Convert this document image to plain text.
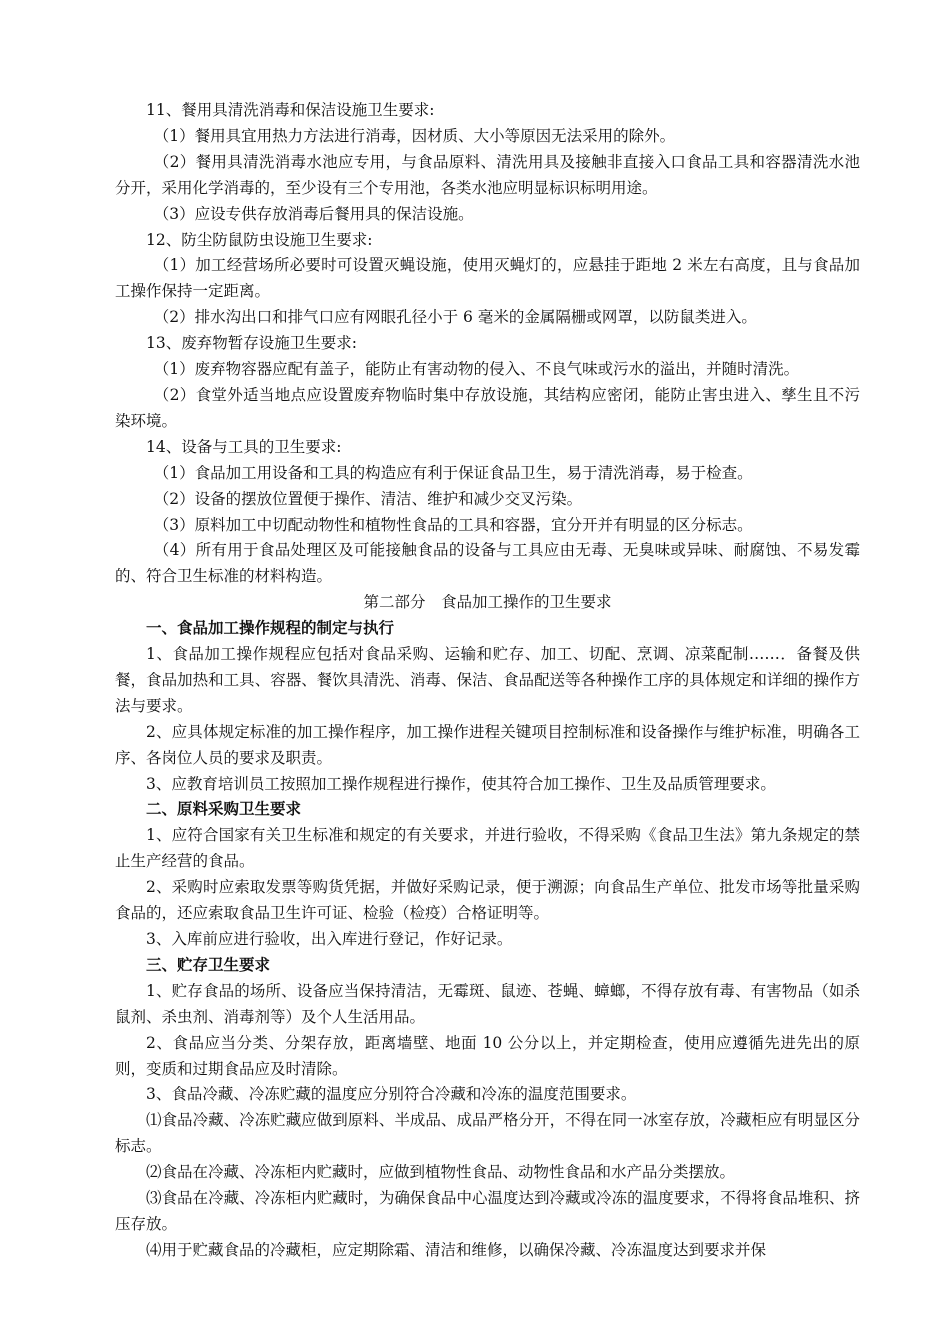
11、餐用具清洗消毒和保洁设施卫生要求:

（1）餐用具宜用热力方法进行消毒，因材质、大小等原因无法采用的除外。

（2）餐用具清洗消毒水池应专用，与食品原料、清洗用具及接触非直接入口食品工具和容器清洗水池分开，采用化学消毒的，至少设有三个专用池，各类水池应明显标识标明用途。

（3）应设专供存放消毒后餐用具的保洁设施。

12、防尘防鼠防虫设施卫生要求:

（1）加工经营场所必要时可设置灭蝇设施，使用灭蝇灯的，应悬挂于距地 2 米左右高度，且与食品加工操作保持一定距离。

（2）排水沟出口和排气口应有网眼孔径小于 6 毫米的金属隔栅或网罩，以防鼠类进入。

13、废弃物暂存设施卫生要求:

（1）废弃物容器应配有盖子，能防止有害动物的侵入、不良气味或污水的溢出，并随时清洗。

（2）食堂外适当地点应设置废弃物临时集中存放设施，其结构应密闭，能防止害虫进入、孳生且不污染环境。

14、设备与工具的卫生要求:

（1）食品加工用设备和工具的构造应有利于保证食品卫生，易于清洗消毒，易于检查。

（2）设备的摆放位置便于操作、清洁、维护和减少交叉污染。

（3）原料加工中切配动物性和植物性食品的工具和容器，宜分开并有明显的区分标志。

（4）所有用于食品处理区及可能接触食品的设备与工具应由无毒、无臭味或异味、耐腐蚀、不易发霉的、符合卫生标准的材料构造。

第二部分　食品加工操作的卫生要求

一、食品加工操作规程的制定与执行

1、食品加工操作规程应包括对食品采购、运输和贮存、加工、切配、烹调、凉菜配制……．备餐及供餐，食品加热和工具、容器、餐饮具清洗、消毒、保洁、食品配送等各种操作工序的具体规定和详细的操作方法与要求。

2、应具体规定标准的加工操作程序，加工操作进程关键项目控制标准和设备操作与维护标准，明确各工序、各岗位人员的要求及职责。

3、应教育培训员工按照加工操作规程进行操作，使其符合加工操作、卫生及品质管理要求。

二、原料采购卫生要求

1、应符合国家有关卫生标准和规定的有关要求，并进行验收，不得采购《食品卫生法》第九条规定的禁止生产经营的食品。

2、采购时应索取发票等购货凭据，并做好采购记录，便于溯源；向食品生产单位、批发市场等批量采购食品的，还应索取食品卫生许可证、检验（检疫）合格证明等。

3、入库前应进行验收，出入库进行登记，作好记录。

三、贮存卫生要求

1、贮存食品的场所、设备应当保持清洁，无霉斑、鼠迹、苍蝇、蟑螂，不得存放有毒、有害物品（如杀鼠剂、杀虫剂、消毒剂等）及个人生活用品。

2、食品应当分类、分架存放，距离墙壁、地面 10 公分以上，并定期检查，使用应遵循先进先出的原则，变质和过期食品应及时清除。

3、食品冷藏、冷冻贮藏的温度应分别符合冷藏和冷冻的温度范围要求。

⑴食品冷藏、冷冻贮藏应做到原料、半成品、成品严格分开，不得在同一冰室存放，冷藏柜应有明显区分标志。

⑵食品在冷藏、冷冻柜内贮藏时，应做到植物性食品、动物性食品和水产品分类摆放。

⑶食品在冷藏、冷冻柜内贮藏时，为确保食品中心温度达到冷藏或冷冻的温度要求，不得将食品堆积、挤压存放。

⑷用于贮藏食品的冷藏柜，应定期除霜、清洁和维修，以确保冷藏、冷冻温度达到要求并保
